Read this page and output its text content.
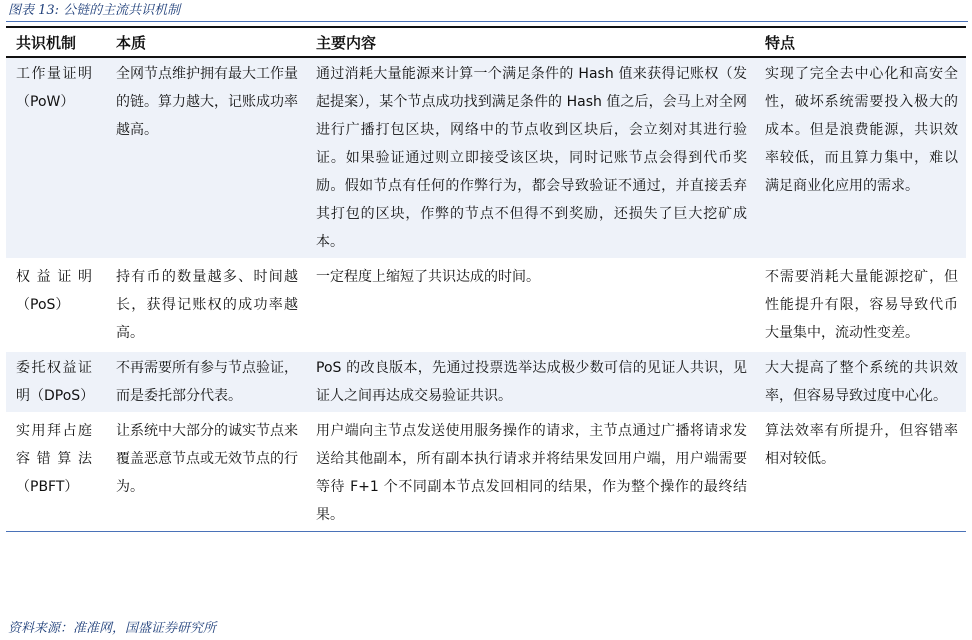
图表 13: 公链的主流共识机制
共识机制	本质	主要内容	特点
工作量证明（PoW）	全网节点维护拥有最大工作量的链。算力越大，记账成功率越高。	通过消耗大量能源来计算一个满足条件的 Hash 值来获得记账权（发起提案），某个节点成功找到满足条件的 Hash 值之后，会马上对全网进行广播打包区块，网络中的节点收到区块后，会立刻对其进行验证。如果验证通过则立即接受该区块，同时记账节点会得到代币奖励。假如节点有任何的作弊行为，都会导致验证不通过，并直接丢弃其打包的区块，作弊的节点不但得不到奖励，还损失了巨大挖矿成本。	实现了完全去中心化和高安全性，破坏系统需要投入极大的成本。但是浪费能源，共识效率较低，而且算力集中，难以满足商业化应用的需求。
权益证明（PoS）	持有币的数量越多、时间越长，获得记账权的成功率越高。	一定程度上缩短了共识达成的时间。	不需要消耗大量能源挖矿，但性能提升有限，容易导致代币大量集中，流动性变差。
委托权益证明（DPoS）	不再需要所有参与节点验证，而是委托部分代表。	PoS 的改良版本，先通过投票选举达成极少数可信的见证人共识，见证人之间再达成交易验证共识。	大大提高了整个系统的共识效率，但容易导致过度中心化。
实用拜占庭容错算法（PBFT）	让系统中大部分的诚实节点来覆盖恶意节点或无效节点的行为。	用户端向主节点发送使用服务操作的请求，主节点通过广播将请求发送给其他副本，所有副本执行请求并将结果发回用户端，用户端需要等待 F+1 个不同副本节点发回相同的结果，作为整个操作的最终结果。	算法效率有所提升，但容错率相对较低。

资料来源：准准网，国盛证券研究所
